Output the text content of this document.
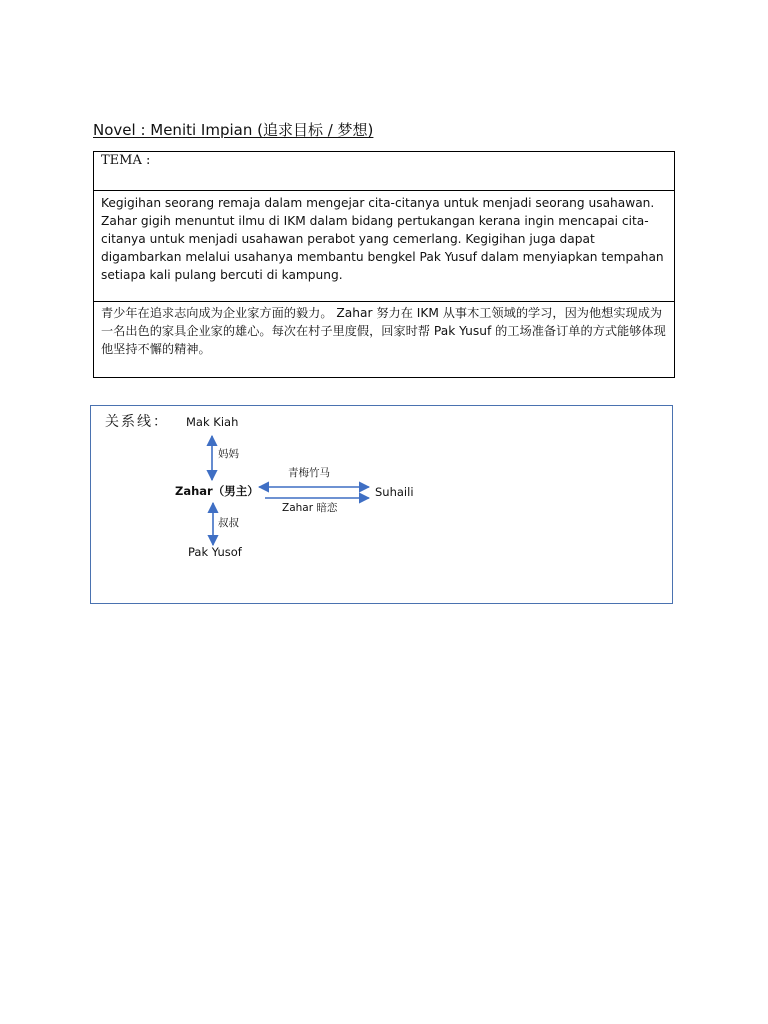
Novel : Meniti Impian (追求目标 / 梦想)
TEMA :
Kegigihan seorang remaja dalam mengejar cita-citanya untuk menjadi seorang usahawan. Zahar gigih menuntut ilmu di IKM dalam bidang pertukangan kerana ingin mencapai cita-citanya untuk menjadi usahawan perabot yang cemerlang. Kegigihan juga dapat digambarkan melalui usahanya membantu bengkel Pak Yusuf dalam menyiapkan tempahan setiapa kali pulang bercuti di kampung.
青少年在追求志向成为企业家方面的毅力。 Zahar 努力在 IKM 从事木工领域的学习，因为他想实现成为一名出色的家具企业家的雄心。每次在村子里度假，回家时帮 Pak Yusuf 的工场准备订单的方式能够体现他坚持不懈的精神。
关系线： Mak Kiah
妈妈
Zahar（男主）
青梅竹马
Zahar 暗恋
Suhaili
叔叔
Pak Yusof
